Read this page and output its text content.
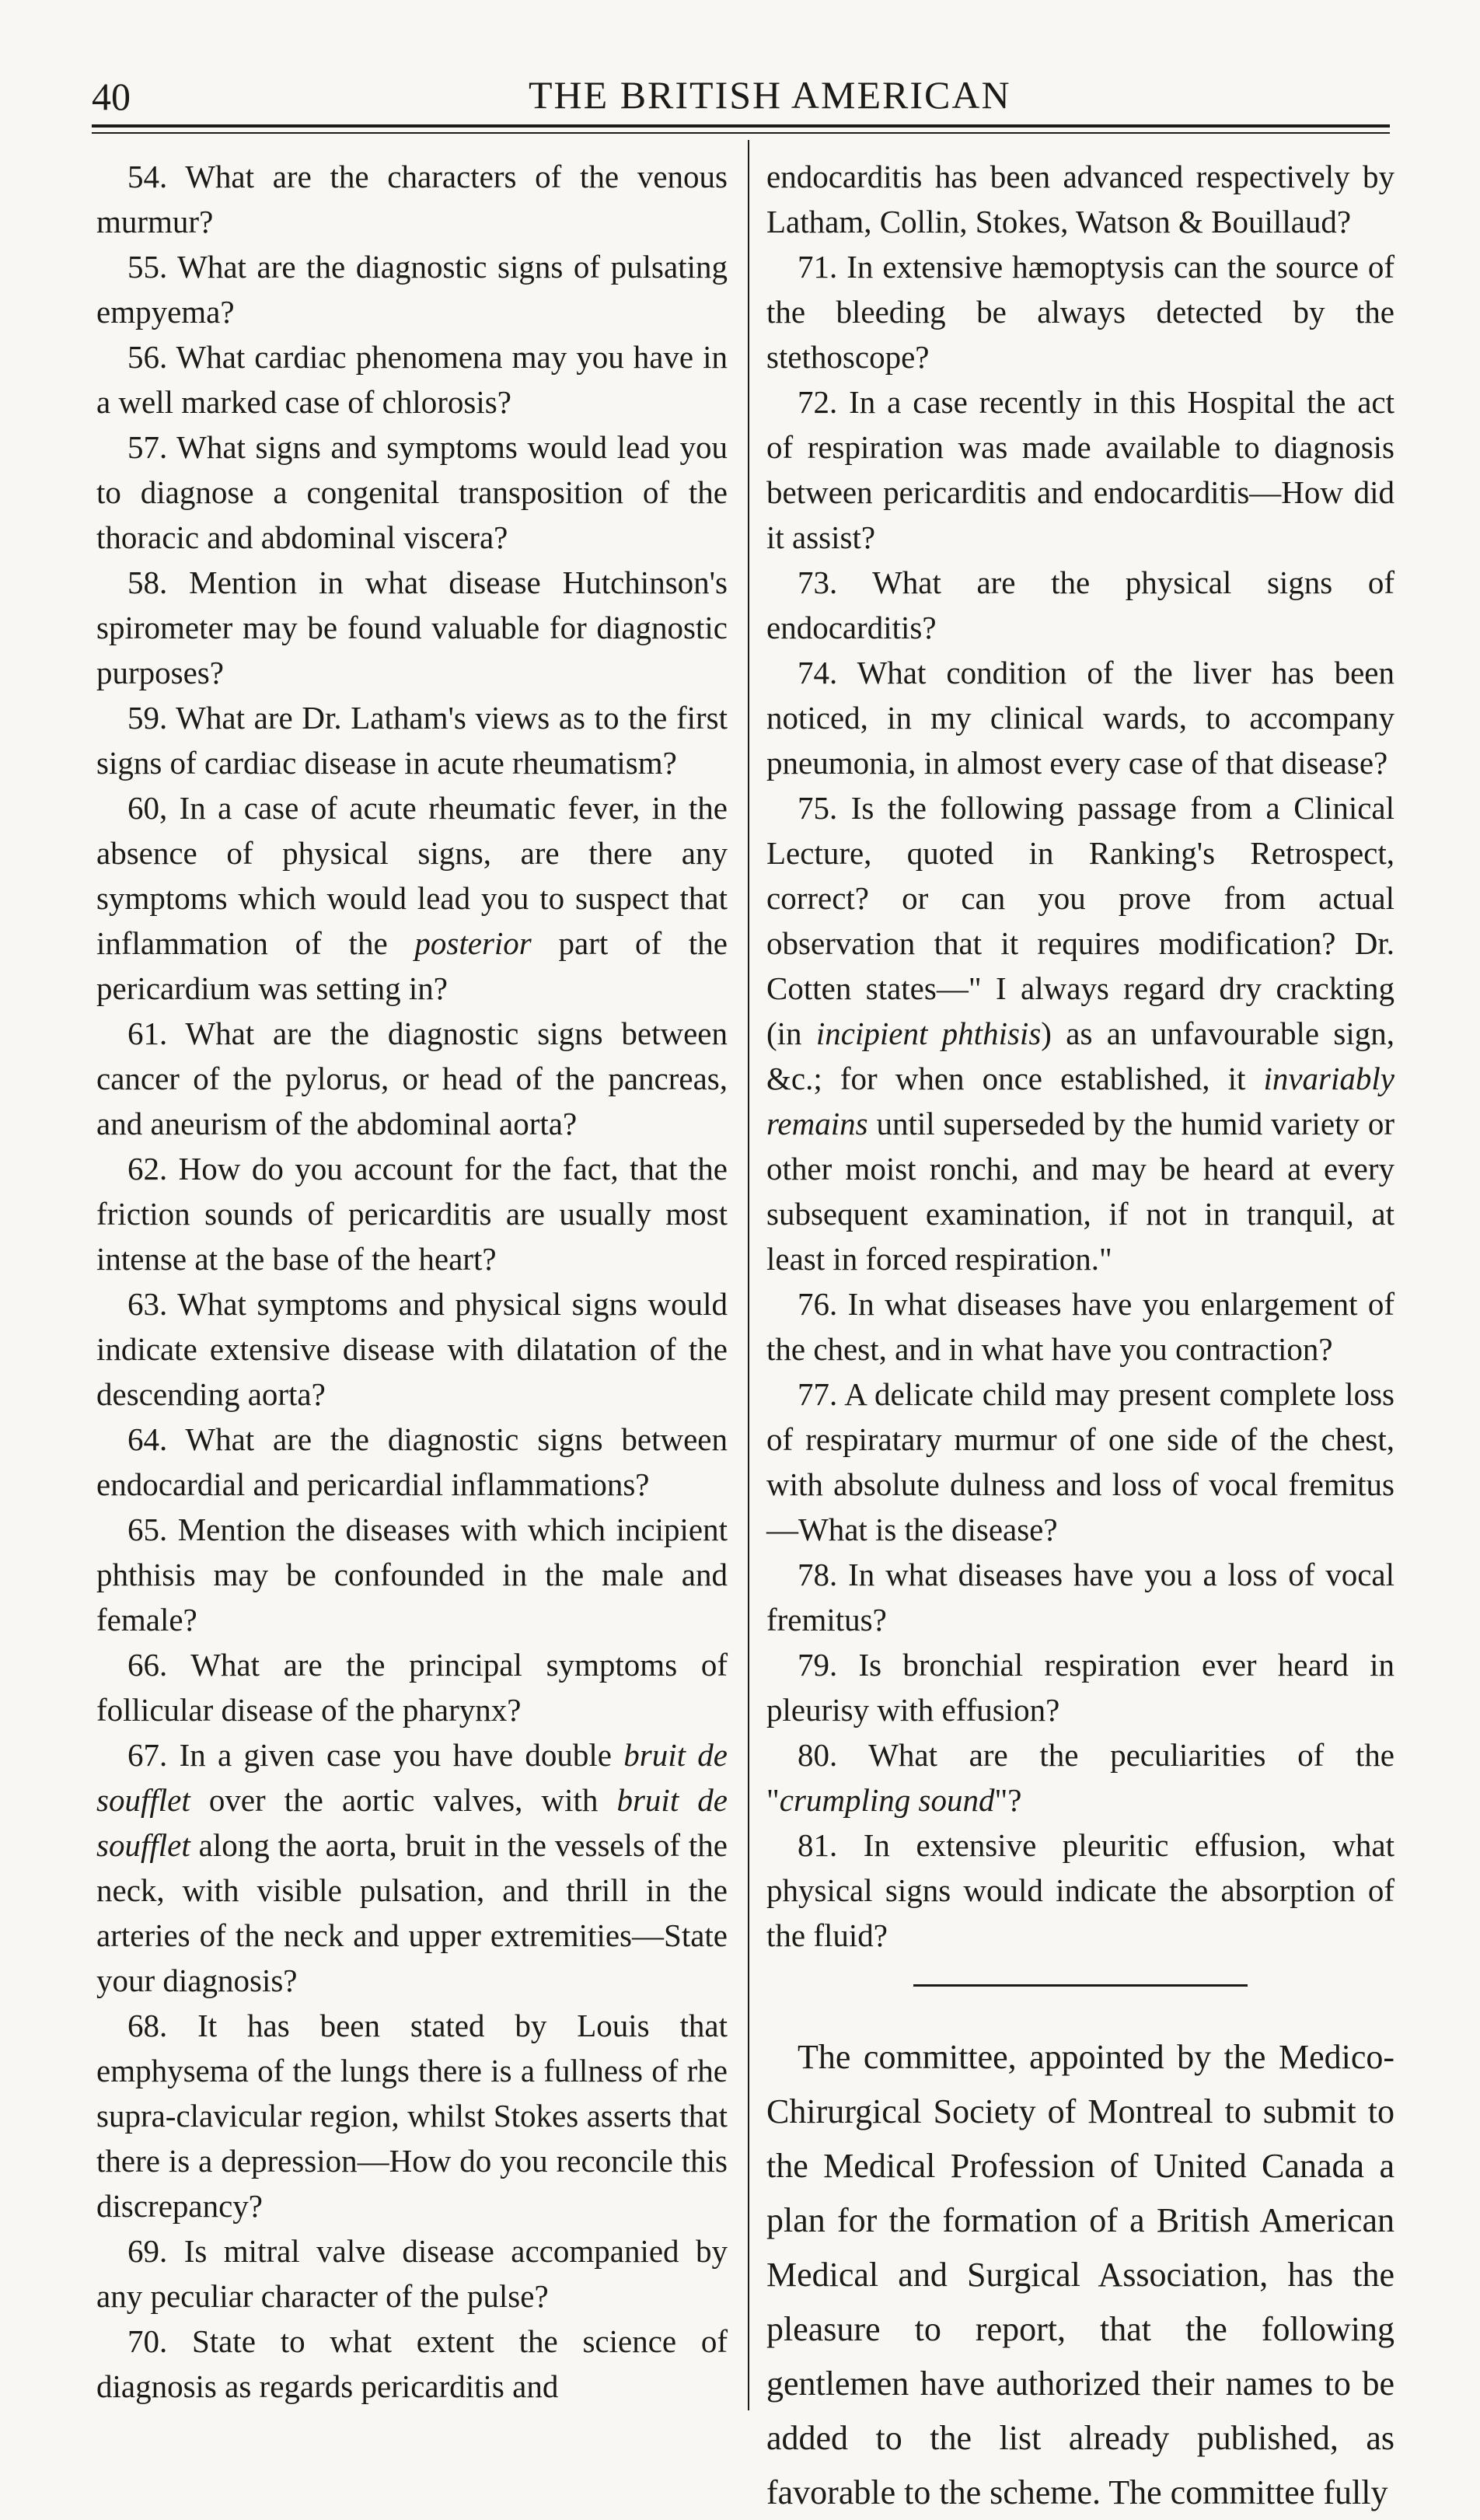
40	THE BRITISH AMERICAN

54. What are the characters of the venous murmur?

55. What are the diagnostic signs of pulsating empyema?

56. What cardiac phenomena may you have in a well marked case of chlorosis?

57. What signs and symptoms would lead you to diagnose a congenital transposition of the thoracic and abdominal viscera?

58. Mention in what disease Hutchinson's spirometer may be found valuable for diagnostic purposes?

59. What are Dr. Latham's views as to the first signs of cardiac disease in acute rheumatism?

60, In a case of acute rheumatic fever, in the absence of physical signs, are there any symptoms which would lead you to suspect that inflammation of the posterior part of the pericardium was setting in?

61. What are the diagnostic signs between cancer of the pylorus, or head of the pancreas, and aneurism of the abdominal aorta?

62. How do you account for the fact, that the friction sounds of pericarditis are usually most intense at the base of the heart?

63. What symptoms and physical signs would indicate extensive disease with dilatation of the descending aorta?

64. What are the diagnostic signs between endocardial and pericardial inflammations?

65. Mention the diseases with which incipient phthisis may be confounded in the male and female?

66. What are the principal symptoms of follicular disease of the pharynx?

67. In a given case you have double bruit de soufflet over the aortic valves, with bruit de soufflet along the aorta, bruit in the vessels of the neck, with visible pulsation, and thrill in the arteries of the neck and upper extremities—State your diagnosis?

68. It has been stated by Louis that emphysema of the lungs there is a fullness of rhe supra-clavicular region, whilst Stokes asserts that there is a depression—How do you reconcile this discrepancy?

69. Is mitral valve disease accompanied by any peculiar character of the pulse?

70. State to what extent the science of diagnosis as regards pericarditis and

endocarditis has been advanced respectively by Latham, Collin, Stokes, Watson & Bouillaud?

71. In extensive hæmoptysis can the source of the bleeding be always detected by the stethoscope?

72. In a case recently in this Hospital the act of respiration was made available to diagnosis between pericarditis and endocarditis—How did it assist?

73. What are the physical signs of endocarditis?

74. What condition of the liver has been noticed, in my clinical wards, to accompany pneumonia, in almost every case of that disease?

75. Is the following passage from a Clinical Lecture, quoted in Ranking's Retrospect, correct? or can you prove from actual observation that it requires modification? Dr. Cotten states—" I always regard dry crackting (in incipient phthisis) as an unfavourable sign, &c.; for when once established, it invariably remains until superseded by the humid variety or other moist ronchi, and may be heard at every subsequent examination, if not in tranquil, at least in forced respiration."

76. In what diseases have you enlargement of the chest, and in what have you contraction?

77. A delicate child may present complete loss of respiratary murmur of one side of the chest, with absolute dulness and loss of vocal fremitus—What is the disease?

78. In what diseases have you a loss of vocal fremitus?

79. Is bronchial respiration ever heard in pleurisy with effusion?

80. What are the peculiarities of the "crumpling sound"?

81. In extensive pleuritic effusion, what physical signs would indicate the absorption of the fluid?

The committee, appointed by the Medico-Chirurgical Society of Montreal to submit to the Medical Profession of United Canada a plan for the formation of a British American Medical and Surgical Association, has the pleasure to report, that the following gentlemen have authorized their names to be added to the list already published, as favorable to the scheme. The committee fully
